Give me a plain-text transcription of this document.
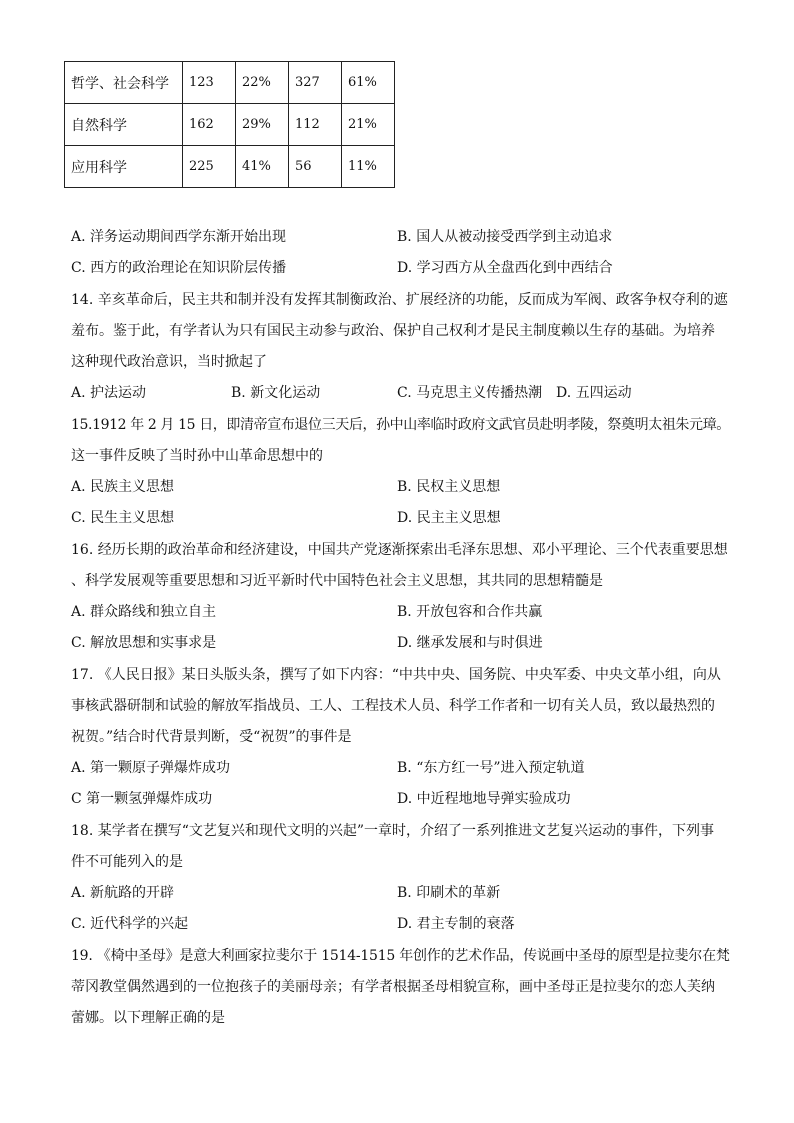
哲学、社会科学	123	22%	327	61%
自然科学	162	29%	112	21%
应用科学	225	41%	56	11%
A. 洋务运动期间西学东渐开始出现	B. 国人从被动接受西学到主动追求
C. 西方的政治理论在知识阶层传播	D. 学习西方从全盘西化到中西结合
14. 辛亥革命后，民主共和制并没有发挥其制衡政治、扩展经济的功能，反而成为军阀、政客争权夺利的遮
羞布。鉴于此，有学者认为只有国民主动参与政治、保护自己权利才是民主制度赖以生存的基础。为培养
这种现代政治意识，当时掀起了
A. 护法运动	B. 新文化运动	C. 马克思主义传播热潮 D. 五四运动
15.1912 年 2 月 15 日，即清帝宣布退位三天后，孙中山率临时政府文武官员赴明孝陵，祭奠明太祖朱元璋。
这一事件反映了当时孙中山革命思想中的
A. 民族主义思想	B. 民权主义思想
C. 民生主义思想	D. 民主主义思想
16. 经历长期的政治革命和经济建设，中国共产党逐渐探索出毛泽东思想、邓小平理论、三个代表重要思想
、科学发展观等重要思想和习近平新时代中国特色社会主义思想，其共同的思想精髓是
A. 群众路线和独立自主	B. 开放包容和合作共赢
C. 解放思想和实事求是	D. 继承发展和与时俱进
17. 《人民日报》某日头版头条，撰写了如下内容：“中共中央、国务院、中央军委、中央文革小组，向从
事核武器研制和试验的解放军指战员、工人、工程技术人员、科学工作者和一切有关人员，致以最热烈的
祝贺。”结合时代背景判断，受“祝贺”的事件是
A. 第一颗原子弹爆炸成功	B. “东方红一号”进入预定轨道
C 第一颗氢弹爆炸成功	D. 中近程地地导弹实验成功
18. 某学者在撰写“文艺复兴和现代文明的兴起”一章时，介绍了一系列推进文艺复兴运动的事件，下列事
件不可能列入的是
A. 新航路的开辟	B. 印刷术的革新
C. 近代科学的兴起	D. 君主专制的衰落
19. 《椅中圣母》是意大利画家拉斐尔于 1514-1515 年创作的艺术作品，传说画中圣母的原型是拉斐尔在梵
蒂冈教堂偶然遇到的一位抱孩子的美丽母亲；有学者根据圣母相貌宣称，画中圣母正是拉斐尔的恋人芙纳
蕾娜。以下理解正确的是
